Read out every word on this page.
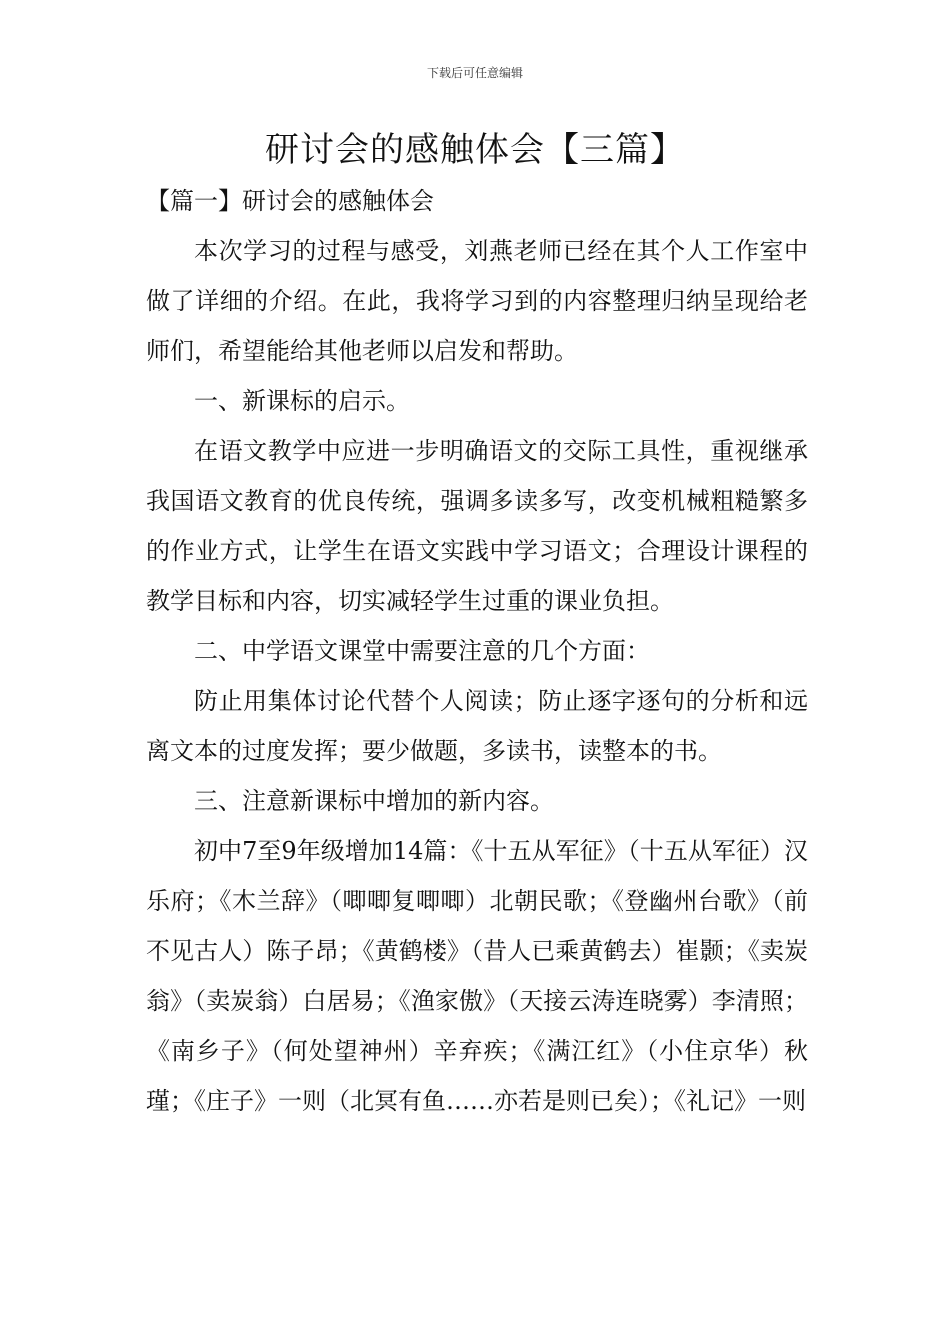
下载后可任意编辑
研讨会的感触体会【三篇】
【篇一】研讨会的感触体会

本次学习的过程与感受，刘燕老师已经在其个人工作室中做了详细的介绍。在此，我将学习到的内容整理归纳呈现给老师们，希望能给其他老师以启发和帮助。

一、新课标的启示。

在语文教学中应进一步明确语文的交际工具性，重视继承我国语文教育的优良传统，强调多读多写，改变机械粗糙繁多的作业方式，让学生在语文实践中学习语文；合理设计课程的教学目标和内容，切实减轻学生过重的课业负担。

二、中学语文课堂中需要注意的几个方面：

防止用集体讨论代替个人阅读；防止逐字逐句的分析和远离文本的过度发挥；要少做题，多读书，读整本的书。

三、注意新课标中增加的新内容。

初中7至9年级增加14篇：《十五从军征》（十五从军征）汉乐府；《木兰辞》（唧唧复唧唧）北朝民歌；《登幽州台歌》（前不见古人）陈子昂；《黄鹤楼》（昔人已乘黄鹤去）崔颢；《卖炭翁》（卖炭翁）白居易；《渔家傲》（天接云涛连晓雾）李清照；《南乡子》（何处望神州）辛弃疾；《满江红》（小住京华）秋瑾；《庄子》一则（北冥有鱼……亦若是则已矣）；《礼记》一则
